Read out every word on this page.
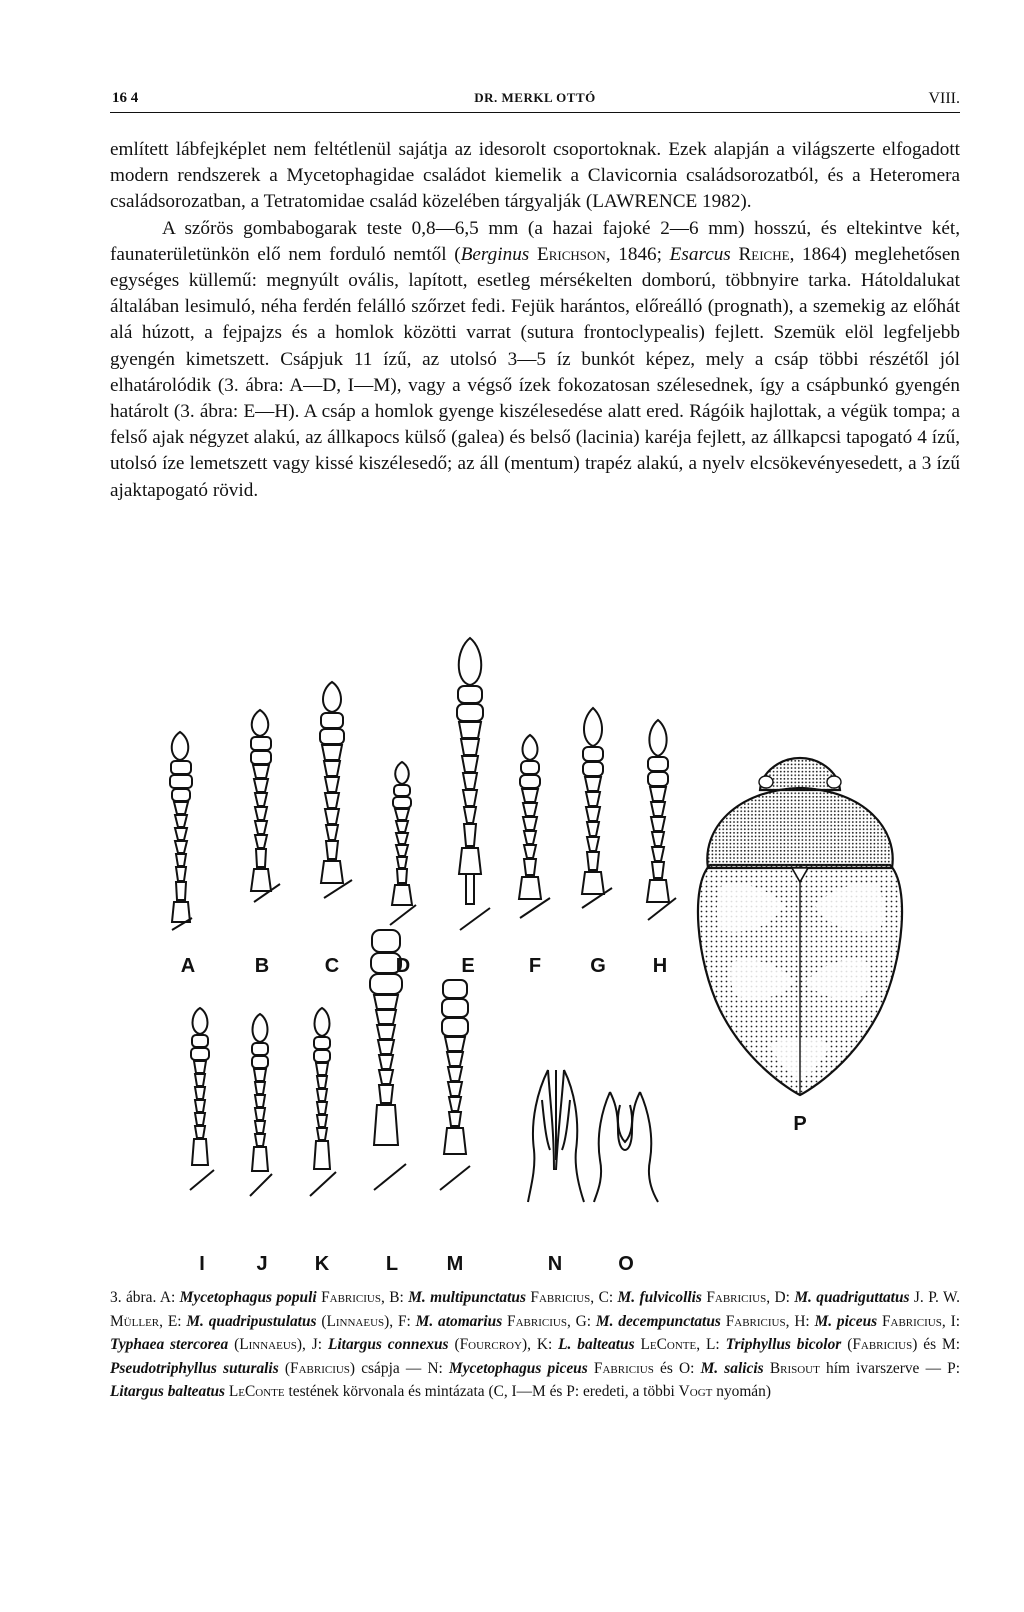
16 4	DR. MERKL OTTÓ	VIII.

említett lábfejképlet nem feltétlenül sajátja az idesorolt csoportoknak. Ezek alapján a világszerte elfogadott modern rendszerek a Mycetophagidae családot kiemelik a Clavicornia családsorozatból, és a Heteromera családsorozatban, a Tetratomidae család közelében tárgyalják (LAWRENCE 1982).

A szőrös gombabogarak teste 0,8—6,5 mm (a hazai fajoké 2—6 mm) hosszú, és eltekintve két, faunaterületünkön elő nem forduló nemtől (Berginus Erichson, 1846; Esarcus Reiche, 1864) meglehetősen egységes küllemű: megnyúlt ovális, lapított, esetleg mérsékelten domború, többnyire tarka. Hátoldalukat általában lesimuló, néha ferdén felálló szőrzet fedi. Fejük harántos, előreálló (prognath), a szemekig az előhát alá húzott, a fejpajzs és a homlok közötti varrat (sutura frontoclypealis) fejlett. Szemük elöl legfeljebb gyengén kimetszett. Csápjuk 11 ízű, az utolsó 3—5 íz bunkót képez, mely a csáp többi részétől jól elhatárolódik (3. ábra: A—D, I—M), vagy a végső ízek fokozatosan szélesednek, így a csápbunkó gyengén határolt (3. ábra: E—H). A csáp a homlok gyenge kiszélesedése alatt ered. Rágóik hajlottak, a végük tompa; a felső ajak négyzet alakú, az állkapocs külső (galea) és belső (lacinia) karéja fejlett, az állkapcsi tapogató 4 ízű, utolsó íze lemetszett vagy kissé kiszélesedő; az áll (mentum) trapéz alakú, a nyelv elcsökevényesedett, a 3 ízű ajaktapogató rövid.

A	B	C	D	E	F G H
I	J K	L M	N	O
P
3. ábra. A: Mycetophagus populi Fabricius, B: M. multipunctatus Fabricius, C: M. fulvicollis Fabricius, D: M. quadriguttatus J. P. W. Müller, E: M. quadripustulatus (Linnaeus), F: M. atomarius Fabricius, G: M. decempunctatus Fabricius, H: M. piceus Fabricius, I: Typhaea stercorea (Linnaeus), J: Litargus connexus (Fourcroy), K: L. balteatus LeConte, L: Triphyllus bicolor (Fabricius) és M: Pseudotriphyllus suturalis (Fabricius) csápja — N: Mycetophagus piceus Fabricius és O: M. salicis Brisout hím ivarszerve — P: Litargus balteatus LeConte testének körvonala és mintázata (C, I—M és P: eredeti, a többi Vogt nyomán)
